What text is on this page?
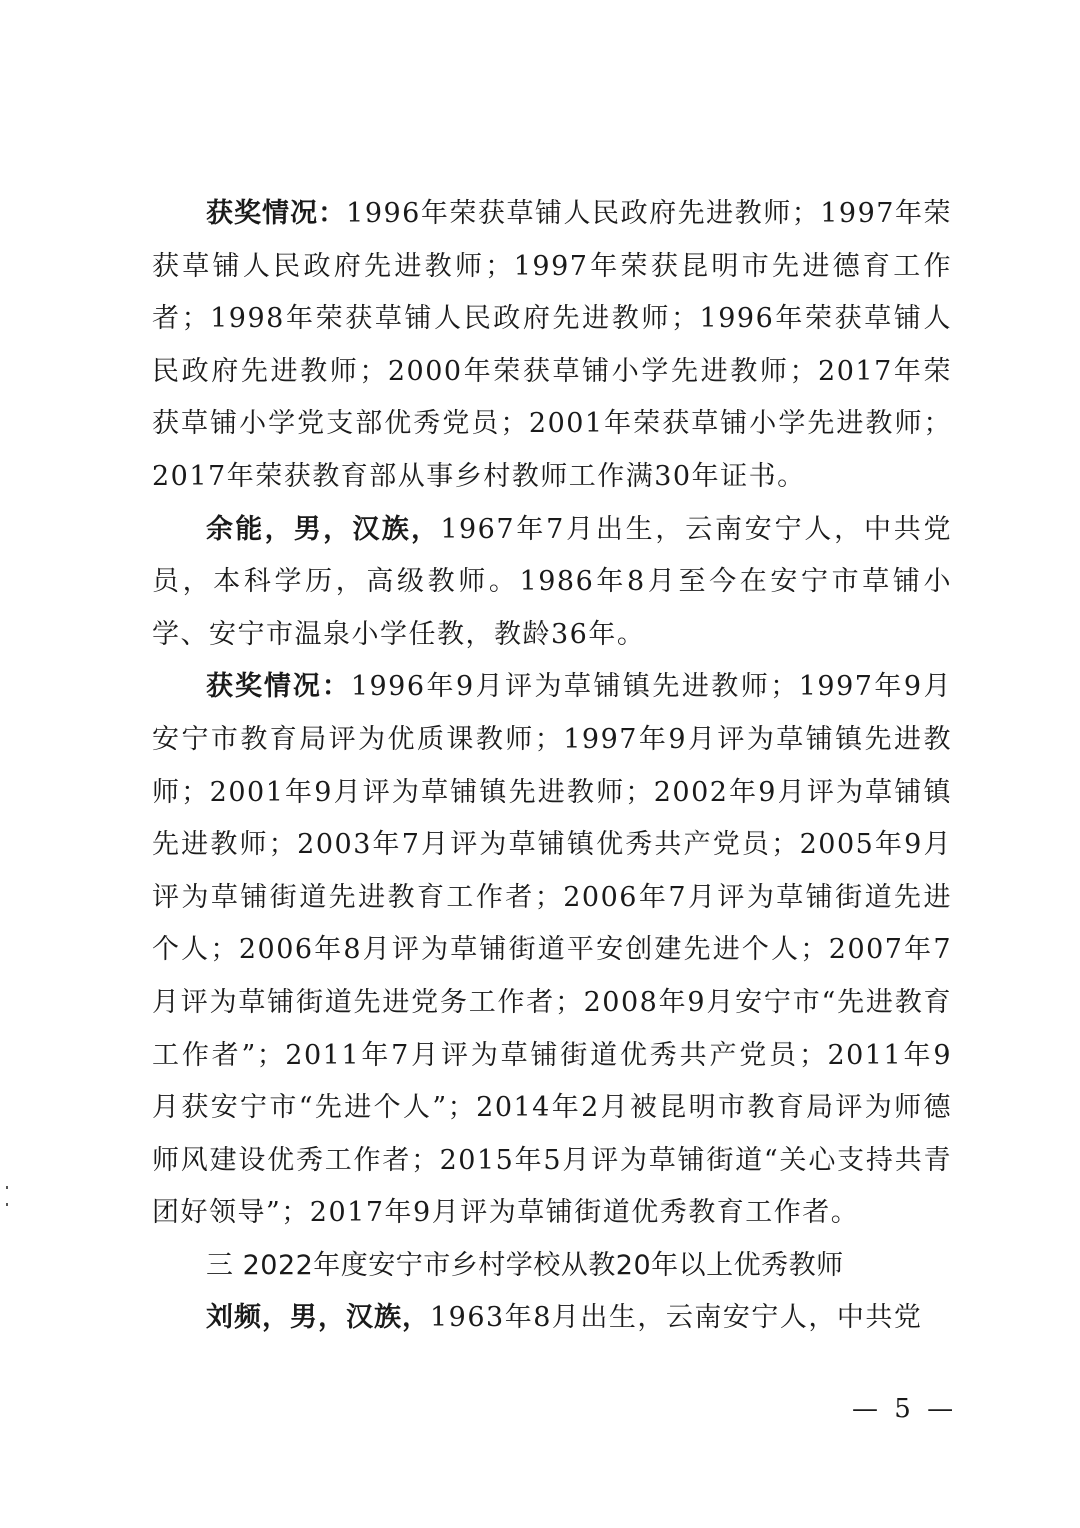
获奖情况：1996年荣获草铺人民政府先进教师；1997年荣获草铺人民政府先进教师；1997年荣获昆明市先进德育工作者；1998年荣获草铺人民政府先进教师；1996年荣获草铺人民政府先进教师；2000年荣获草铺小学先进教师；2017年荣获草铺小学党支部优秀党员；2001年荣获草铺小学先进教师；2017年荣获教育部从事乡村教师工作满30年证书。

余能，男，汉族，1967年7月出生，云南安宁人，中共党员，本科学历，高级教师。1986年8月至今在安宁市草铺小学、安宁市温泉小学任教，教龄36年。

获奖情况：1996年9月评为草铺镇先进教师；1997年9月安宁市教育局评为优质课教师；1997年9月评为草铺镇先进教师；2001年9月评为草铺镇先进教师；2002年9月评为草铺镇先进教师；2003年7月评为草铺镇优秀共产党员；2005年9月评为草铺街道先进教育工作者；2006年7月评为草铺街道先进个人；2006年8月评为草铺街道平安创建先进个人；2007年7月评为草铺街道先进党务工作者；2008年9月安宁市“先进教育工作者”；2011年7月评为草铺街道优秀共产党员；2011年9月获安宁市“先进个人”；2014年2月被昆明市教育局评为师德师风建设优秀工作者；2015年5月评为草铺街道“关心支持共青团好领导”；2017年9月评为草铺街道优秀教育工作者。

三 2022年度安宁市乡村学校从教20年以上优秀教师

刘频，男，汉族，1963年8月出生，云南安宁人，中共党

— 5 —
